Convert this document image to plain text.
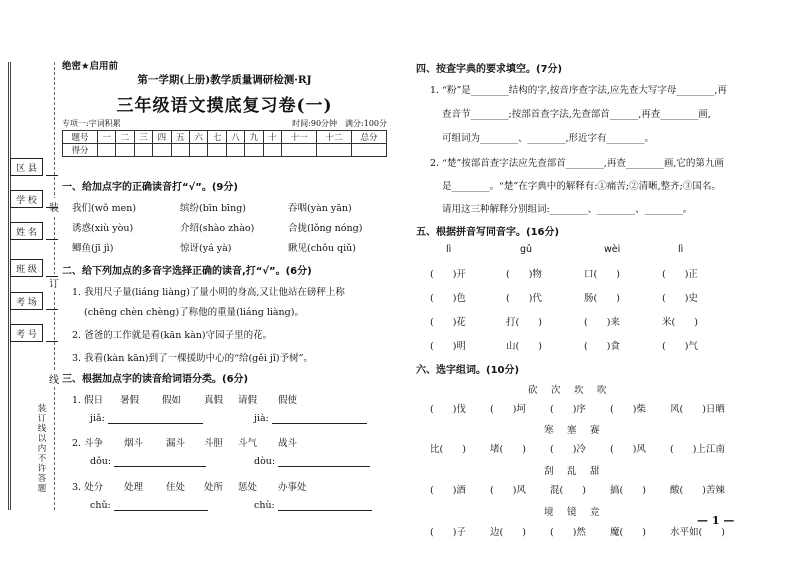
装
订
线
区 县
学 校
姓 名
班 级
考 场
考 号
装订线以内不许答题
绝密★启用前
第一学期(上册)教学质量调研检测·RJ
三年级语文摸底复习卷(一)
专项一:字词积累	时间:90分钟　满分:100分
题号	一	二	三	四	五	六	七	八	九	十	十一	十二	总分
得分													
一、给加点字的正确读音打“√”。(9分)
我们(wǒ men)	缤纷(bīn bīng)	吞咽(yàn yān)
诱惑(xiù yòu)	介绍(shào zhào)	合拢(lǒng nóng)
鲫鱼(jī jì)	惊讶(yá yà)	瞅见(chǒu qiǔ)
二、给下列加点的多音字选择正确的读音,打“√”。(6分)
1. 我用尺子量(liáng liàng)了量小明的身高,又让他站在磅秤上称
(chēng chèn chèng)了称他的重量(liáng liàng)。
2. 爸爸的工作就是看(kān kàn)守园子里的花。
3. 我看(kàn kān)到了一棵援助中心的“给(gěi jǐ)予树”。
三、根据加点字的读音给词语分类。(6分)
1. 假日 暑假 假如 真假 请假 假使
jiǎ:	jià:
2. 斗争 烟斗 漏斗 斗胆 斗气 战斗
dǒu:	dòu:
3. 处分 处理 住处 处所 惩处 办事处
chǔ:	chù:
四、按查字典的要求填空。(7分)
1. “粉”是________结构的字,按音序查字法,应先查大写字母________,再
查音节________;按部首查字法,先查部首______,再查________画,
可组词为________、________,形近字有________。
2. “楚”按部首查字法应先查部首________,再查________画,它的第九画
是________。“楚”在字典中的解释有:①痛苦;②清晰,整齐;③国名。
请用这三种解释分别组词:________、________、________。
五、根据拼音写同音字。(16分)
lì	gǔ	wèi	lì
(　　)开	(　　)物	口(　　)	(　　)正
(　　)色	(　　)代	肠(　　)	(　　)史
(　　)花	打(　　)	(　　)来	米(　　)
(　　)明	山(　　)	(　　)食	(　　)气
六、选字组词。(10分)
砍　次　坎　吹
(　　)伐	(　　)坷	(　　)序	(　　)柴	风(　　)日晒
寒　塞　赛
比(　　)	堵(　　)	(　　)冷	(　　)风	(　　)上江南
刮　乱　甜
(　　)酒	(　　)风	混(　　)	搞(　　)	酸(　　)苦辣
境　镜　竞
(　　)子	边(　　)	(　　)然	魔(　　)	水平如(　　)
— 1 —
